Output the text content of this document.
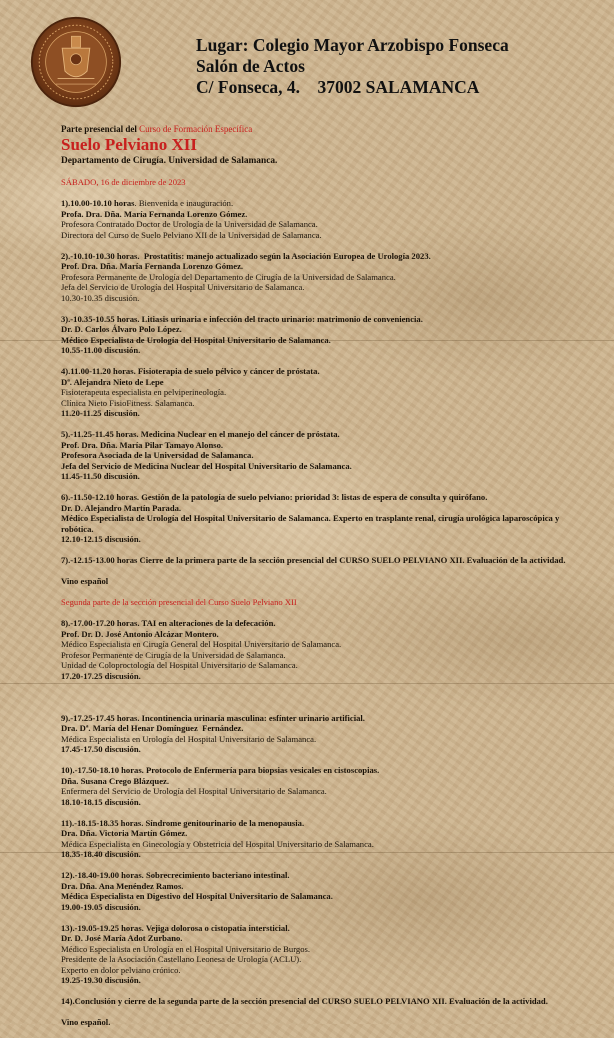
Lugar: Colegio Mayor Arzobispo Fonseca
Salón de Actos
C/ Fonseca, 4.    37002 SALAMANCA
Parte presencial del Curso de Formación Específica
Suelo Pelviano XII
Departamento de Cirugía. Universidad de Salamanca.
SÁBADO, 16 de diciembre de 2023
1).10.00-10.10 horas. Bienvenida e inauguración.
Profa. Dra. Dña. María Fernanda Lorenzo Gómez.
Profesora Contratado Doctor de Urología de la Universidad de Salamanca.
Directora del Curso de Suelo Pelviano XII de la Universidad de Salamanca.
2).-10.10-10.30 horas.  Prostatitis: manejo actualizado según la Asociación Europea de Urología 2023.
Prof. Dra. Dña. María Fernanda Lorenzo Gómez.
Profesora Permanente de Urología del Departamento de Cirugía de la Universidad de Salamanca.
Jefa del Servicio de Urología del Hospital Universitario de Salamanca.
10.30-10.35 discusión.
3).-10.35-10.55 horas. Litiasis urinaria e infección del tracto urinario: matrimonio de conveniencia.
Dr. D. Carlos Álvaro Polo López.
Médico Especialista de Urología del Hospital Universitario de Salamanca.
10.55-11.00 discusión.
4).11.00-11.20 horas. Fisioterapia de suelo pélvico y cáncer de próstata.
Dª. Alejandra Nieto de Lepe
Fisioterapeuta especialista en pelviperineología.
Clínica Nieto FisioFitness. Salamanca.
11.20-11.25 discusión.
5).-11.25-11.45 horas. Medicina Nuclear en el manejo del cáncer de próstata.
Prof. Dra. Dña. María Pilar Tamayo Alonso.
Profesora Asociada de la Universidad de Salamanca.
Jefa del Servicio de Medicina Nuclear del Hospital Universitario de Salamanca.
11.45-11.50 discusión.
6).-11.50-12.10 horas. Gestión de la patología de suelo pelviano: prioridad 3: listas de espera de consulta y quirófano.
Dr. D. Alejandro Martín Parada.
Médico Especialista de Urología del Hospital Universitario de Salamanca. Experto en trasplante renal, cirugía urológica laparoscópica y
robótica.
12.10-12.15 discusión.
7).-12.15-13.00 horas Cierre de la primera parte de la sección presencial del CURSO SUELO PELVIANO XII. Evaluación de la actividad.
Vino español
Segunda parte de la sección presencial del Curso Suelo Pelviano XII
8).-17.00-17.20 horas. TAI en alteraciones de la defecación.
Prof. Dr. D. José Antonio Alcázar Montero.
Médico Especialista en Cirugía General del Hospital Universitario de Salamanca.
Profesor Permanente de Cirugía de la Universidad de Salamanca.
Unidad de Coloproctología del Hospital Universitario de Salamanca.
17.20-17.25 discusión.

9).-17.25-17.45 horas. Incontinencia urinaria masculina: esfínter urinario artificial.
Dra. Dª. María del Henar Domínguez  Fernández.
Médica Especialista en Urología del Hospital Universitario de Salamanca.
17.45-17.50 discusión.
10).-17.50-18.10 horas. Protocolo de Enfermería para biopsias vesicales en cistoscopias.
Dña. Susana Crego Blázquez.
Enfermera del Servicio de Urología del Hospital Universitario de Salamanca.
18.10-18.15 discusión.
11).-18.15-18.35 horas. Síndrome genitourinario de la menopausia.
Dra. Dña. Victoria Martín Gómez.
Médica Especialista en Ginecología y Obstetricia del Hospital Universitario de Salamanca.
18.35-18.40 discusión.
12).-18.40-19.00 horas. Sobrecrecimiento bacteriano intestinal.
Dra. Dña. Ana Menéndez Ramos.
Médica Especialista en Digestivo del Hospital Universitario de Salamanca.
19.00-19.05 discusión.
13).-19.05-19.25 horas. Vejiga dolorosa o cistopatía intersticial.
Dr. D. José María Adot Zurbano.
Médico Especialista en Urología en el Hospital Universitario de Burgos.
Presidente de la Asociación Castellano Leonesa de Urología (ACLU).
Experto en dolor pelviano crónico.
19.25-19.30 discusión.
14).Conclusión y cierre de la segunda parte de la sección presencial del CURSO SUELO PELVIANO XII. Evaluación de la actividad.
Vino español.
